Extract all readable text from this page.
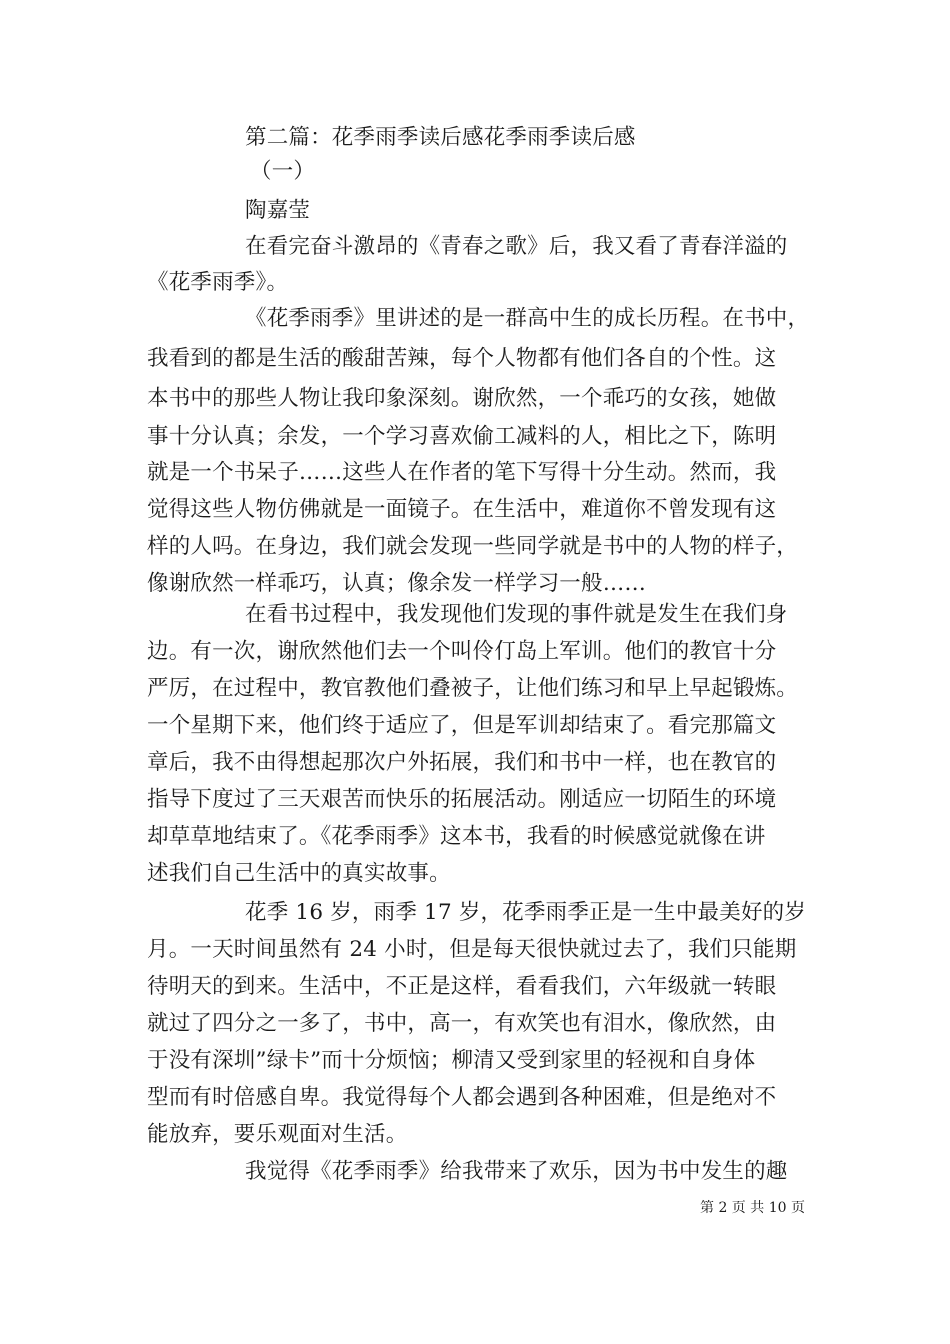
第二篇：花季雨季读后感花季雨季读后感
（一）
陶嘉莹
在看完奋斗激昂的《青春之歌》后，我又看了青春洋溢的
《花季雨季》。
《花季雨季》里讲述的是一群高中生的成长历程。在书中，
我看到的都是生活的酸甜苦辣，每个人物都有他们各自的个性。这
本书中的那些人物让我印象深刻。谢欣然，一个乖巧的女孩，她做
事十分认真；余发，一个学习喜欢偷工减料的人，相比之下，陈明
就是一个书呆子……这些人在作者的笔下写得十分生动。然而，我
觉得这些人物仿佛就是一面镜子。在生活中，难道你不曾发现有这
样的人吗。在身边，我们就会发现一些同学就是书中的人物的样子，
像谢欣然一样乖巧，认真；像余发一样学习一般……
在看书过程中，我发现他们发现的事件就是发生在我们身
边。有一次，谢欣然他们去一个叫伶仃岛上军训。他们的教官十分
严厉，在过程中，教官教他们叠被子，让他们练习和早上早起锻炼。
一个星期下来，他们终于适应了，但是军训却结束了。看完那篇文
章后，我不由得想起那次户外拓展，我们和书中一样，也在教官的
指导下度过了三天艰苦而快乐的拓展活动。刚适应一切陌生的环境
却草草地结束了。《花季雨季》这本书，我看的时候感觉就像在讲
述我们自己生活中的真实故事。
花季 16 岁，雨季 17 岁，花季雨季正是一生中最美好的岁
月。一天时间虽然有 24 小时，但是每天很快就过去了，我们只能期
待明天的到来。生活中，不正是这样，看看我们，六年级就一转眼
就过了四分之一多了，书中，高一，有欢笑也有泪水，像欣然，由
于没有深圳”绿卡”而十分烦恼；柳清又受到家里的轻视和自身体
型而有时倍感自卑。我觉得每个人都会遇到各种困难，但是绝对不
能放弃，要乐观面对生活。
我觉得《花季雨季》给我带来了欢乐，因为书中发生的趣
第 2 页 共 10 页
